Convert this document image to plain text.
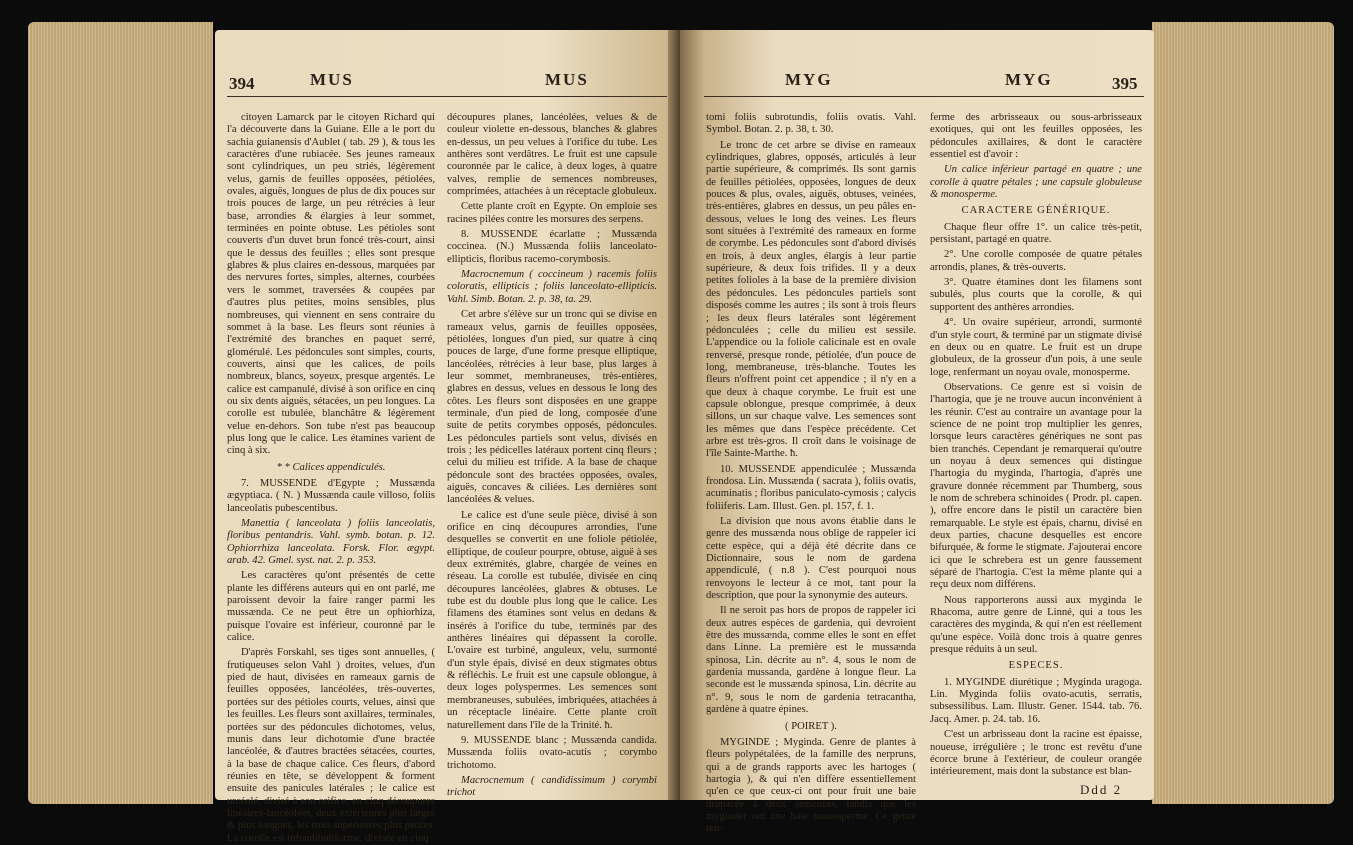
394	MUS	MUS

citoyen Lamarck par le citoyen Richard qui l'a découverte dans la Guiane. Elle a le port du sachia guianensis d'Aublet ( tab. 29 ), & tous les caractères d'une rubiacée. Ses jeunes rameaux sont cylindriques, un peu striés, légèrement velus, garnis de feuilles opposées, pétiolées, ovales, aiguës, longues de plus de dix pouces sur trois pouces de large, un peu rétrécies à leur base, arrondies & élargies à leur sommet, terminées en pointe obtuse. Les pétioles sont couverts d'un duvet brun foncé très-court, ainsi que le dessus des feuilles ; elles sont presque glabres & plus claires en-dessous, marquées par des nervures fortes, simples, alternes, courbées vers le sommet, traversées & coupées par d'autres plus petites, moins sensibles, plus nombreuses, qui viennent en sens contraire du sommet à la base. Les fleurs sont réunies à l'extrémité des branches en paquet serré, glomérulé. Les pédoncules sont simples, courts, couverts, ainsi que les calices, de poils nombreux, blancs, soyeux, presque argentés. Le calice est campanulé, divisé à son orifice en cinq ou six dents aiguës, sétacées, un peu longues. La corolle est tubulée, blanchâtre & légèrement velue en-dehors. Son tube n'est pas beaucoup plus long que le calice. Les étamines varient de cinq à six.

* * Calices appendiculés.

7. MUSSENDE d'Egypte ; Mussænda ægyptiaca. ( N. ) Mussænda caule villoso, foliis lanceolatis pubescentibus.

Manettia ( lanceolata ) foliis lanceolatis, floribus pentandris. Vahl. symb. botan. p. 12. Ophiorrhiza lanceolata. Forsk. Flor. ægypt. arab. 42. Gmel. syst. nat. 2. p. 353.

Les caractères qu'ont présentés de cette plante les différens auteurs qui en ont parlé, me paroissent devoir la faire ranger parmi les mussænda. Ce ne peut être un ophiorhiza, puisque l'ovaire est inférieur, couronné par le calice.

D'après Forskahl, ses tiges sont annuelles, ( frutiqueuses selon Vahl ) droites, velues, d'un pied de haut, divisées en rameaux garnis de feuilles opposées, lancéolées, très-ouvertes, portées sur des pétioles courts, velues, ainsi que les feuilles. Les fleurs sont axillaires, terminales, portées sur des pédoncules dichotomes, velus, munis dans leur dichotomie d'une bractée lancéolée, & d'autres bractées sétacées, courtes, à la base de chaque calice. Ces fleurs, d'abord réunies en tête, se développent & forment ensuite des panicules latérales ; le calice est urcéolé, divisé à son orifice, en cinq découpures linéaires-lancéolées, deux extérieures plus larges & plus longues, les trois supérieures plus petites. La corolle est infundibuliforme, divisée en cinq

découpures planes, lancéolées, velues & de couleur violette en-dessous, blanches & glabres en-dessus, un peu velues à l'orifice du tube. Les anthères sont verdâtres. Le fruit est une capsule couronnée par le calice, à deux loges, à quatre valves, remplie de semences nombreuses, comprimées, attachées à un réceptacle globuleux.

Cette plante croît en Egypte. On emploie ses racines pilées contre les morsures des serpens.

8. MUSSENDE écarlatte ; Mussænda coccinea. (N.) Mussænda foliis lanceolato-ellipticis, floribus racemo-corymbosis.

Macrocnemum ( coccineum ) racemis foliis coloratis, ellipticis ; foliis lanceolato-ellipticis. Vahl. Simb. Botan. 2. p. 38, ta. 29.

Cet arbre s'élève sur un tronc qui se divise en rameaux velus, garnis de feuilles opposées, pétiolées, longues d'un pied, sur quatre à cinq pouces de large, d'une forme presque elliptique, lancéolées, rétrécies à leur base, plus larges à leur sommet, membraneuses, très-entières, glabres en dessus, velues en dessous le long des côtes. Les fleurs sont disposées en une grappe terminale, d'un pied de long, composée d'une suite de petits corymbes opposés, pédoncules. Les pédoncules partiels sont velus, divisés en trois ; les pédicelles latéraux portent cinq fleurs ; celui du milieu est trifide. A la base de chaque pédoncule sont des bractées opposées, ovales, aiguës, concaves & ciliées. Les dernières sont lancéolées & velues.

Le calice est d'une seule pièce, divisé à son orifice en cinq découpures arrondies, l'une desquelles se convertit en une foliole pétiolée, elliptique, de couleur pourpre, obtuse, aiguë à ses deux extrémités, glabre, chargée de veines en réseau. La corolle est tubulée, divisée en cinq découpures lancéolées, glabres & obtuses. Le tube est du double plus long que le calice. Les filamens des étamines sont velus en dedans & insérés à l'orifice du tube, terminés par des anthères linéaires qui dépassent la corolle. L'ovaire est turbiné, anguleux, velu, surmonté d'un style épais, divisé en deux stigmates obtus & réfléchis. Le fruit est une capsule oblongue, à deux loges polyspermes. Les semences sont membraneuses, subulées, imbriquées, attachées à un réceptacle linéaire. Cette plante croît naturellement dans l'île de la Trinité. ħ.

9. MUSSENDE blanc ; Mussænda candida. Mussænda foliis ovato-acutis ; corymbo trichotomo.

Macrocnemum ( candidissimum ) corymbi trichot

MYG	MYG	395

tomi foliis subrotundis, foliis ovatis. Vahl. Symbol. Botan. 2. p. 38, t. 30.

Le tronc de cet arbre se divise en rameaux cylindriques, glabres, opposés, articulés à leur partie supérieure, & comprimés. Ils sont garnis de feuilles pétiolées, opposées, longues de deux pouces & plus, ovales, aiguës, obtuses, veinées, très-entières, glabres en dessus, un peu pâles en-dessous, velues le long des veines. Les fleurs sont situées à l'extrémité des rameaux en forme de corymbe. Les pédoncules sont d'abord divisés en trois, à deux angles, élargis à leur partie supérieure, & deux fois trifides. Il y a deux petites folioles à la base de la première division des pédoncules. Les pédoncules partiels sont disposés comme les autres ; ils sont à trois fleurs ; les deux fleurs latérales sont légèrement pédonculées ; celle du milieu est sessile. L'appendice ou la foliole calicinale est en ovale renversé, presque ronde, pétiolée, d'un pouce de long, membraneuse, très-blanche. Toutes les fleurs n'offrent point cet appendice ; il n'y en a que deux à chaque corymbe. Le fruit est une capsule oblongue, presque comprimée, à deux sillons, un sur chaque valve. Les semences sont les mêmes que dans l'espèce précédente. Cet arbre est très-gros. Il croît dans le voisinage de l'île Sainte-Marthe. ħ.

10. MUSSENDE appendiculée ; Mussænda frondosa. Lin. Mussænda ( sacrata ), foliis ovatis, acuminatis ; floribus paniculato-cymosis ; calycis foliiferis. Lam. Illust. Gen. pl. 157, f. 1.

La division que nous avons établie dans le genre des mussænda nous oblige de rappeler ici cette espèce, qui a déjà été décrite dans ce Dictionnaire, sous le nom de gardena appendiculé, ( n.8 ). C'est pourquoi nous renvoyons le lecteur à ce mot, tant pour la description, que pour la synonymie des auteurs.

Il ne seroit pas hors de propos de rappeler ici deux autres espèces de gardenia, qui devroient être des mussænda, comme elles le sont en effet dans Linne. La première est le mussænda spinosa, Lin. décrite au n°. 4, sous le nom de gardenia mussanda, gardène à longue fleur. La seconde est le mussænda spinosa, Lin. décrite au n°. 9, sous le nom de gardenia tetracantha, gardène à quatre épines.

( POIRET ).

MYGINDE ; Myginda. Genre de plantes à fleurs polypétalées, de la famille des nerpruns, qui a de grands rapports avec les hartoges ( hartogia ), & qui n'en diffère essentiellement qu'en ce que ceux-ci ont pour fruit une baie drupacée à deux semences, tandis que les myginder ont une baie monosperme. Ce genre ren-

ferme des arbrisseaux ou sous-arbrisseaux exotiques, qui ont les feuilles opposées, les pédoncules axillaires, & dont le caractère essentiel est d'avoir :

Un calice inférieur partagé en quatre ; une corolle à quatre pétales ; une capsule globuleuse & monosperme.

CARACTERE GÉNÉRIQUE.

Chaque fleur offre 1°. un calice très-petit, persistant, partagé en quatre.

2°. Une corolle composée de quatre pétales arrondis, planes, & très-ouverts.

3°. Quatre étamines dont les filamens sont subulés, plus courts que la corolle, & qui supportent des anthères arrondies.

4°. Un ovaire supérieur, arrondi, surmonté d'un style court, & terminé par un stigmate divisé en deux ou en quatre. Le fruit est un drupe globuleux, de la grosseur d'un pois, à une seule loge, renfermant un noyau ovale, monosperme.

Observations. Ce genre est si voisin de l'hartogia, que je ne trouve aucun inconvénient à les réunir. C'est au contraire un avantage pour la science de ne point trop multiplier les genres, lorsque leurs caractères génériques ne sont pas bien tranchés. Cependant je remarquerai qu'outre un noyau à deux semences qui distingue l'hartogia du myginda, l'hartogia, d'après une gravure donnée récemment par Thumberg, sous le nom de schrebera schinoides ( Prodr. pl. capen. ), offre encore dans le pistil un caractère bien remarquable. Le style est épais, charnu, divisé en deux parties, chacune desquelles est encore bifurquée, & forme le stigmate. J'ajouterai encore ici que le schrebera est un genre faussement séparé de l'hartogia. C'est la même plante qui a reçu deux nom différens.

Nous rapporterons aussi aux myginda le Rhacoma, autre genre de Linné, qui a tous les caractères des myginda, & qui n'en est réellement qu'une espèce. Voilà donc trois à quatre genres presque réduits à un seul.

ESPECES.

1. MYGINDE diurétique ; Myginda uragoga. Lin. Myginda foliis ovato-acutis, serratis, subsessilibus. Lam. Illustr. Gener. 1544. tab. 76. Jacq. Amer. p. 24. tab. 16.

C'est un arbrisseau dont la racine est épaisse, noueuse, irrégulière ; le tronc est revêtu d'une écorce brune à l'extérieur, de couleur orangée intérieurement, mais dont la substance est blan-

Ddd 2
